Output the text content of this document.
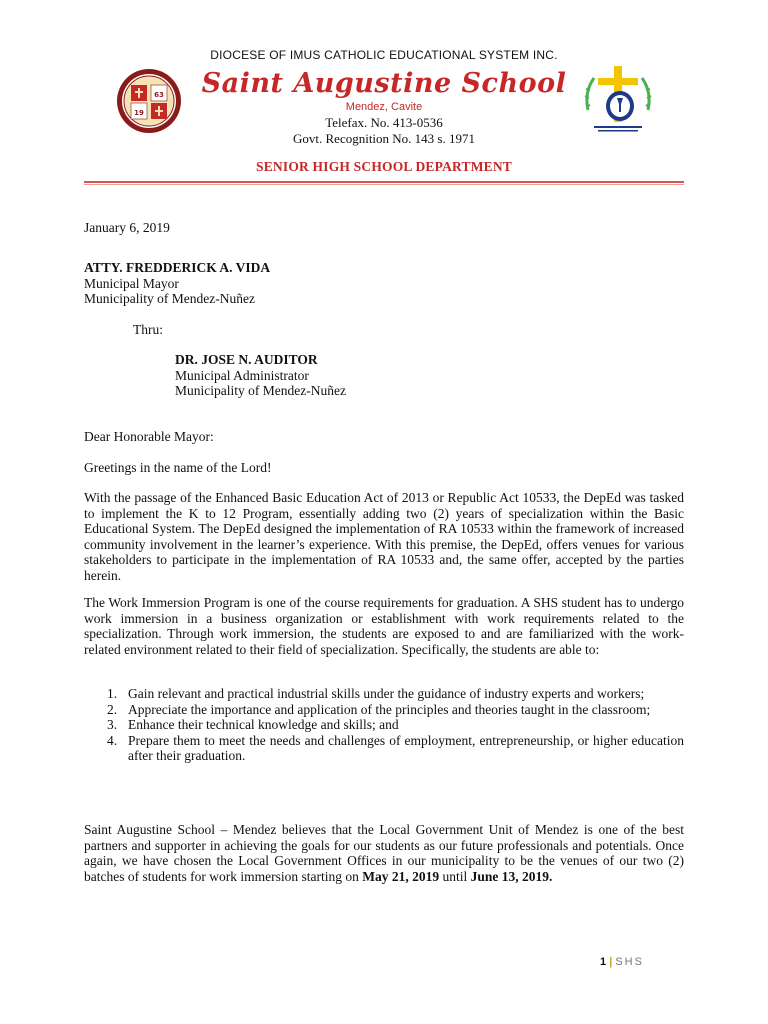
DIOCESE OF IMUS CATHOLIC EDUCATIONAL SYSTEM INC.
63
19
Saint Augustine School
Mendez, Cavite
Telefax. No. 413-0536
Govt. Recognition No. 143 s. 1971
SENIOR HIGH SCHOOL DEPARTMENT
January 6, 2019
ATTY. FREDDERICK A. VIDA
Municipal Mayor
Municipality of Mendez-Nuñez
Thru:
DR. JOSE N. AUDITOR
Municipal Administrator
Municipality of Mendez-Nuñez
Dear Honorable Mayor:
Greetings in the name of the Lord!

With the passage of the Enhanced Basic Education Act of 2013 or Republic Act 10533, the DepEd was tasked to implement the K to 12 Program, essentially adding two (2) years of specialization within the Basic Educational System. The DepEd designed the implementation of RA 10533 within the framework of increased community involvement in the learner’s experience. With this premise, the DepEd, offers venues for various stakeholders to participate in the implementation of RA 10533 and, the same offer, accepted by the parties herein.

The Work Immersion Program is one of the course requirements for graduation. A SHS student has to undergo work immersion in a business organization or establishment with work requirements related to the specialization. Through work immersion, the students are exposed to and are familiarized with the work-related environment related to their field of specialization. Specifically, the students are able to:

1. Gain relevant and practical industrial skills under the guidance of industry experts and workers;
2. Appreciate the importance and application of the principles and theories taught in the classroom;
3. Enhance their technical knowledge and skills; and
4. Prepare them to meet the needs and challenges of employment, entrepreneurship, or higher education after their graduation.

Saint Augustine School – Mendez believes that the Local Government Unit of Mendez is one of the best partners and supporter in achieving the goals for our students as our future professionals and potentials. Once again, we have chosen the Local Government Offices in our municipality to be the venues of our two (2) batches of students for work immersion starting on May 21, 2019 until June 13, 2019.

1 | SHS
